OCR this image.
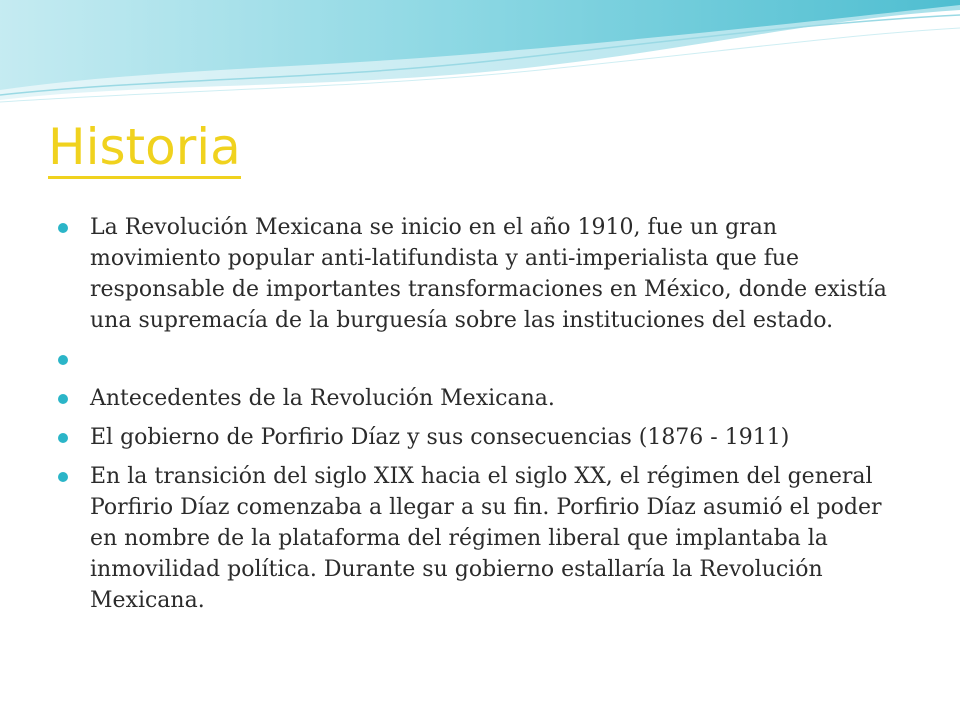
Historia
La Revolución Mexicana se inicio en el año 1910, fue un gran movimiento popular anti-latifundista y anti-imperialista que fue responsable de importantes transformaciones en México, donde existía una supremacía de la burguesía sobre las instituciones del estado.
Antecedentes de la Revolución Mexicana.
El gobierno de Porfirio Díaz y sus consecuencias (1876 - 1911)
En la transición del siglo XIX hacia el siglo XX, el régimen del general Porfirio Díaz comenzaba a llegar a su fin. Porfirio Díaz asumió el poder en nombre de la plataforma del régimen liberal que implantaba la inmovilidad política. Durante su gobierno estallaría la Revolución Mexicana.
